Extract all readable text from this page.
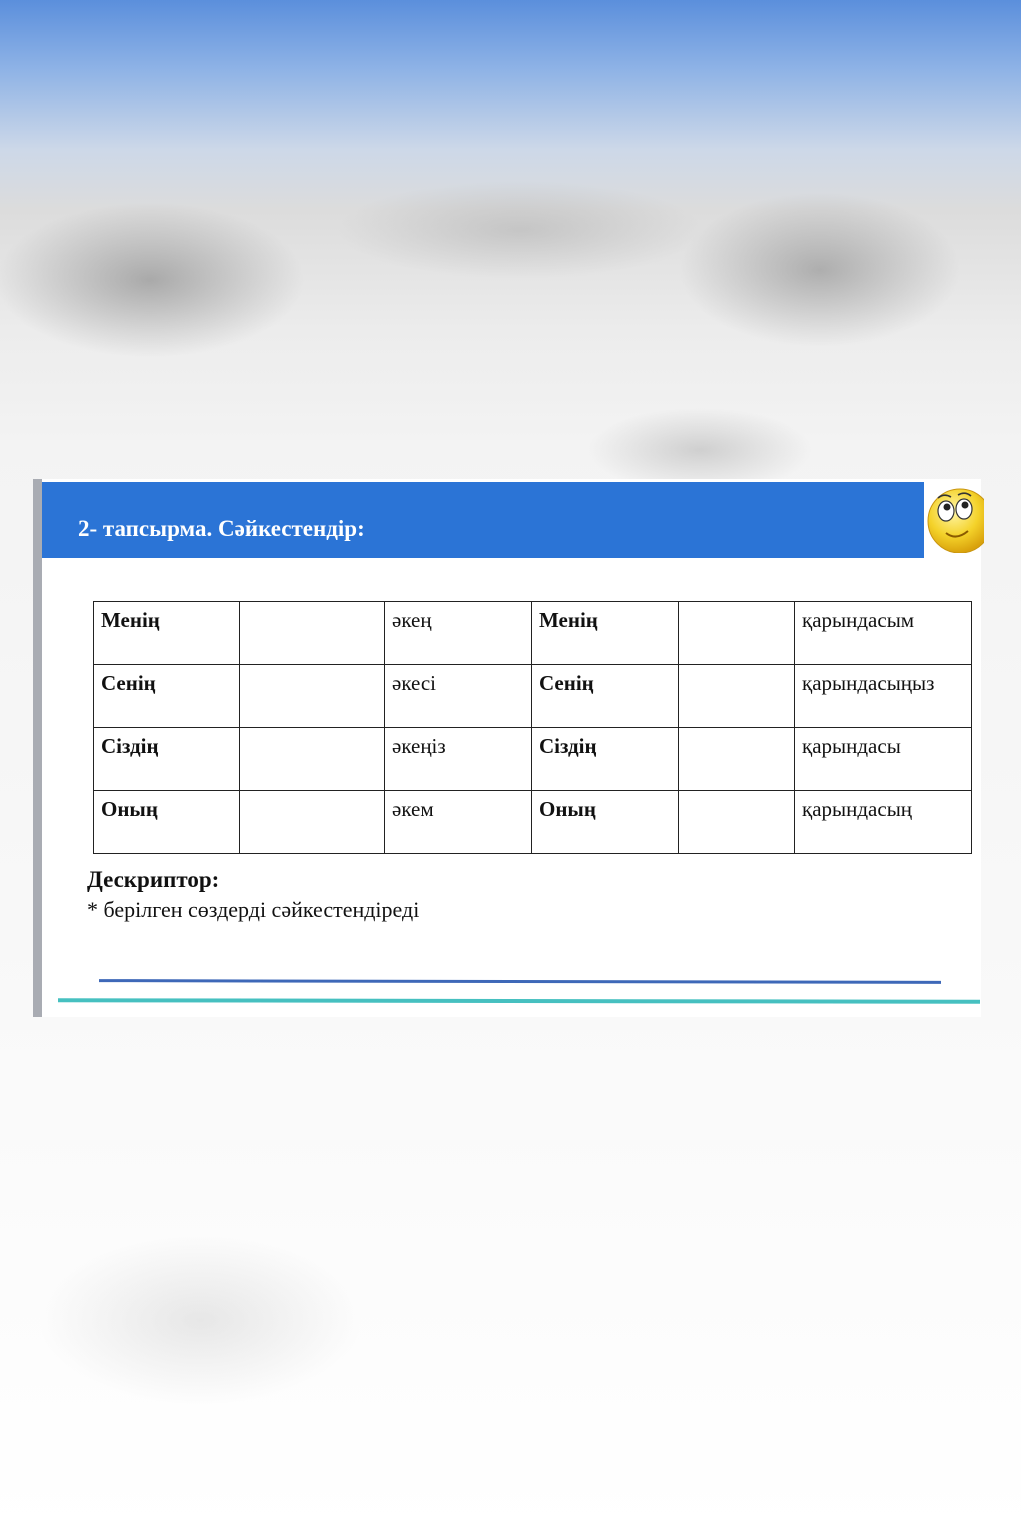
2- тапсырма. Сәйкестендір:
Менің		әкең	Менің		қарындасым
Сенің		әкесі	Сенің		қарындасыңыз
Сіздің		әкеңіз	Сіздің		қарындасы
Оның		әкем	Оның		қарындасың
Дескриптор:
* берілген сөздерді сәйкестендіреді
